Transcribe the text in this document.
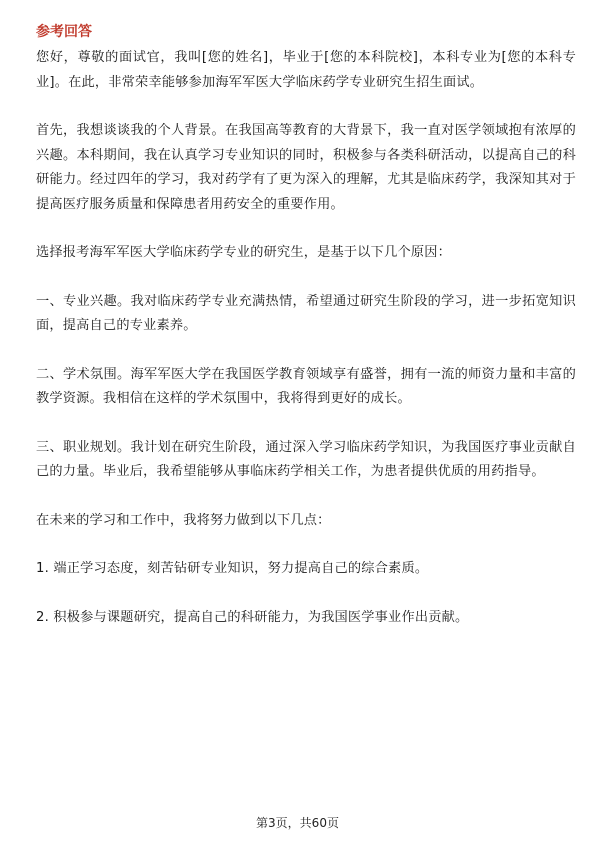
参考回答

您好，尊敬的面试官，我叫[您的姓名]，毕业于[您的本科院校]，本科专业为[您的本科专业]。在此，非常荣幸能够参加海军军医大学临床药学专业研究生招生面试。

首先，我想谈谈我的个人背景。在我国高等教育的大背景下，我一直对医学领域抱有浓厚的兴趣。本科期间，我在认真学习专业知识的同时，积极参与各类科研活动，以提高自己的科研能力。经过四年的学习，我对药学有了更为深入的理解，尤其是临床药学，我深知其对于提高医疗服务质量和保障患者用药安全的重要作用。

选择报考海军军医大学临床药学专业的研究生，是基于以下几个原因：

一、专业兴趣。我对临床药学专业充满热情，希望通过研究生阶段的学习，进一步拓宽知识面，提高自己的专业素养。

二、学术氛围。海军军医大学在我国医学教育领域享有盛誉，拥有一流的师资力量和丰富的教学资源。我相信在这样的学术氛围中，我将得到更好的成长。

三、职业规划。我计划在研究生阶段，通过深入学习临床药学知识，为我国医疗事业贡献自己的力量。毕业后，我希望能够从事临床药学相关工作，为患者提供优质的用药指导。

在未来的学习和工作中，我将努力做到以下几点：

1. 端正学习态度，刻苦钻研专业知识，努力提高自己的综合素质。

2. 积极参与课题研究，提高自己的科研能力，为我国医学事业作出贡献。

第3页，共60页
